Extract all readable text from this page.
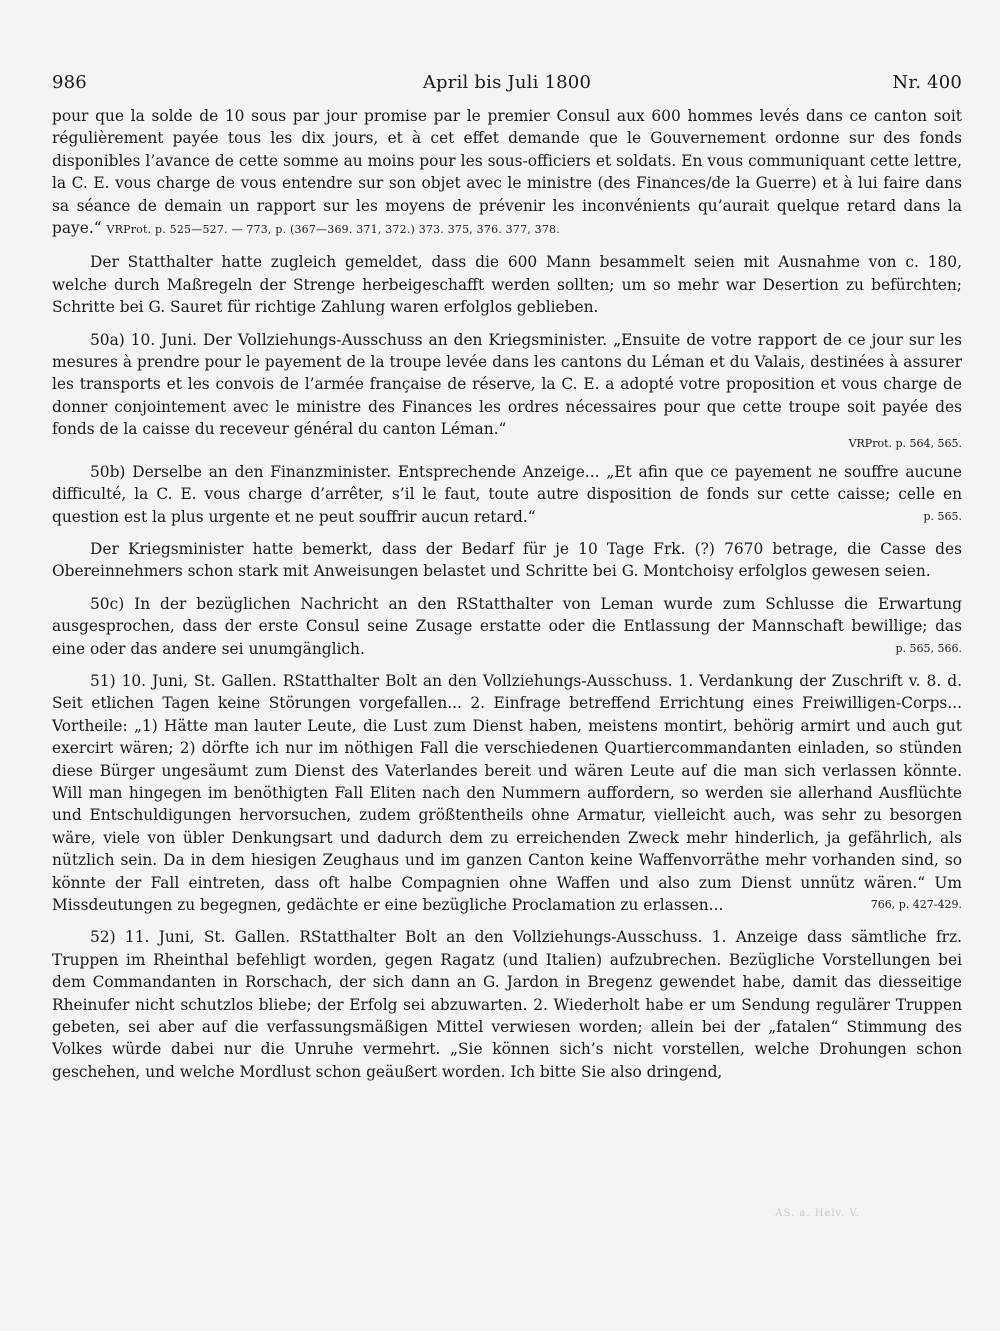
986	April bis Juli 1800	Nr. 400

pour que la solde de 10 sous par jour promise par le premier Consul aux 600 hommes levés dans ce canton soit régulièrement payée tous les dix jours, et à cet effet demande que le Gouvernement ordonne sur des fonds disponibles l’avance de cette somme au moins pour les sous-officiers et soldats. En vous communiquant cette lettre, la C. E. vous charge de vous entendre sur son objet avec le ministre (des Finances/de la Guerre) et à lui faire dans sa séance de demain un rapport sur les moyens de prévenir les inconvénients qu’aurait quelque retard dans la paye.“ VRProt. p. 525—527. — 773, p. (367—369. 371, 372.) 373. 375, 376. 377, 378.

Der Statthalter hatte zugleich gemeldet, dass die 600 Mann besammelt seien mit Ausnahme von c. 180, welche durch Maßregeln der Strenge herbeigeschafft werden sollten; um so mehr war Desertion zu befürchten; Schritte bei G. Sauret für richtige Zahlung waren erfolglos geblieben.

50a) 10. Juni. Der Vollziehungs-Ausschuss an den Kriegsminister. „Ensuite de votre rapport de ce jour sur les mesures à prendre pour le payement de la troupe levée dans les cantons du Léman et du Valais, destinées à assurer les transports et les convois de l’armée française de réserve, la C. E. a adopté votre proposition et vous charge de donner conjointement avec le ministre des Finances les ordres nécessaires pour que cette troupe soit payée des fonds de la caisse du receveur général du canton Léman.“
VRProt. p. 564, 565.

50b) Derselbe an den Finanzminister. Entsprechende Anzeige... „Et afin que ce payement ne souffre aucune difficulté, la C. E. vous charge d’arrêter, s’il le faut, toute autre disposition de fonds sur cette caisse; celle en question est la plus urgente et ne peut souffrir aucun retard.“	p. 565.

Der Kriegsminister hatte bemerkt, dass der Bedarf für je 10 Tage Frk. (?) 7670 betrage, die Casse des Obereinnehmers schon stark mit Anweisungen belastet und Schritte bei G. Montchoisy erfolglos gewesen seien.

50c) In der bezüglichen Nachricht an den RStatthalter von Leman wurde zum Schlusse die Erwartung ausgesprochen, dass der erste Consul seine Zusage erstatte oder die Entlassung der Mannschaft bewillige; das eine oder das andere sei unumgänglich.	p. 565, 566.

51) 10. Juni, St. Gallen. RStatthalter Bolt an den Vollziehungs-Ausschuss. 1. Verdankung der Zuschrift v. 8. d. Seit etlichen Tagen keine Störungen vorgefallen... 2. Einfrage betreffend Errichtung eines Freiwilligen-Corps... Vortheile: „1) Hätte man lauter Leute, die Lust zum Dienst haben, meistens montirt, behörig armirt und auch gut exercirt wären; 2) dörfte ich nur im nöthigen Fall die verschiedenen Quartiercommandanten einladen, so stünden diese Bürger ungesäumt zum Dienst des Vaterlandes bereit und wären Leute auf die man sich verlassen könnte. Will man hingegen im benöthigten Fall Eliten nach den Nummern auffordern, so werden sie allerhand Ausflüchte und Entschuldigungen hervorsuchen, zudem größtentheils ohne Armatur, vielleicht auch, was sehr zu besorgen wäre, viele von übler Denkungsart und dadurch dem zu erreichenden Zweck mehr hinderlich, ja gefährlich, als nützlich sein. Da in dem hiesigen Zeughaus und im ganzen Canton keine Waffenvorräthe mehr vorhanden sind, so könnte der Fall eintreten, dass oft halbe Compagnien ohne Waffen und also zum Dienst unnütz wären.“ Um Missdeutungen zu begegnen, gedächte er eine bezügliche Proclamation zu erlassen...	766, p. 427-429.

52) 11. Juni, St. Gallen. RStatthalter Bolt an den Vollziehungs-Ausschuss. 1. Anzeige dass sämtliche frz. Truppen im Rheinthal befehligt worden, gegen Ragatz (und Italien) aufzubrechen. Bezügliche Vorstellungen bei dem Commandanten in Rorschach, der sich dann an G. Jardon in Bregenz gewendet habe, damit das diesseitige Rheinufer nicht schutzlos bliebe; der Erfolg sei abzuwarten. 2. Wiederholt habe er um Sendung regulärer Truppen gebeten, sei aber auf die verfassungsmäßigen Mittel verwiesen worden; allein bei der „fatalen“ Stimmung des Volkes würde dabei nur die Unruhe vermehrt. „Sie können sich’s nicht vorstellen, welche Drohungen schon geschehen, und welche Mordlust schon geäußert worden. Ich bitte Sie also dringend,

AS. a. Helv. V.
